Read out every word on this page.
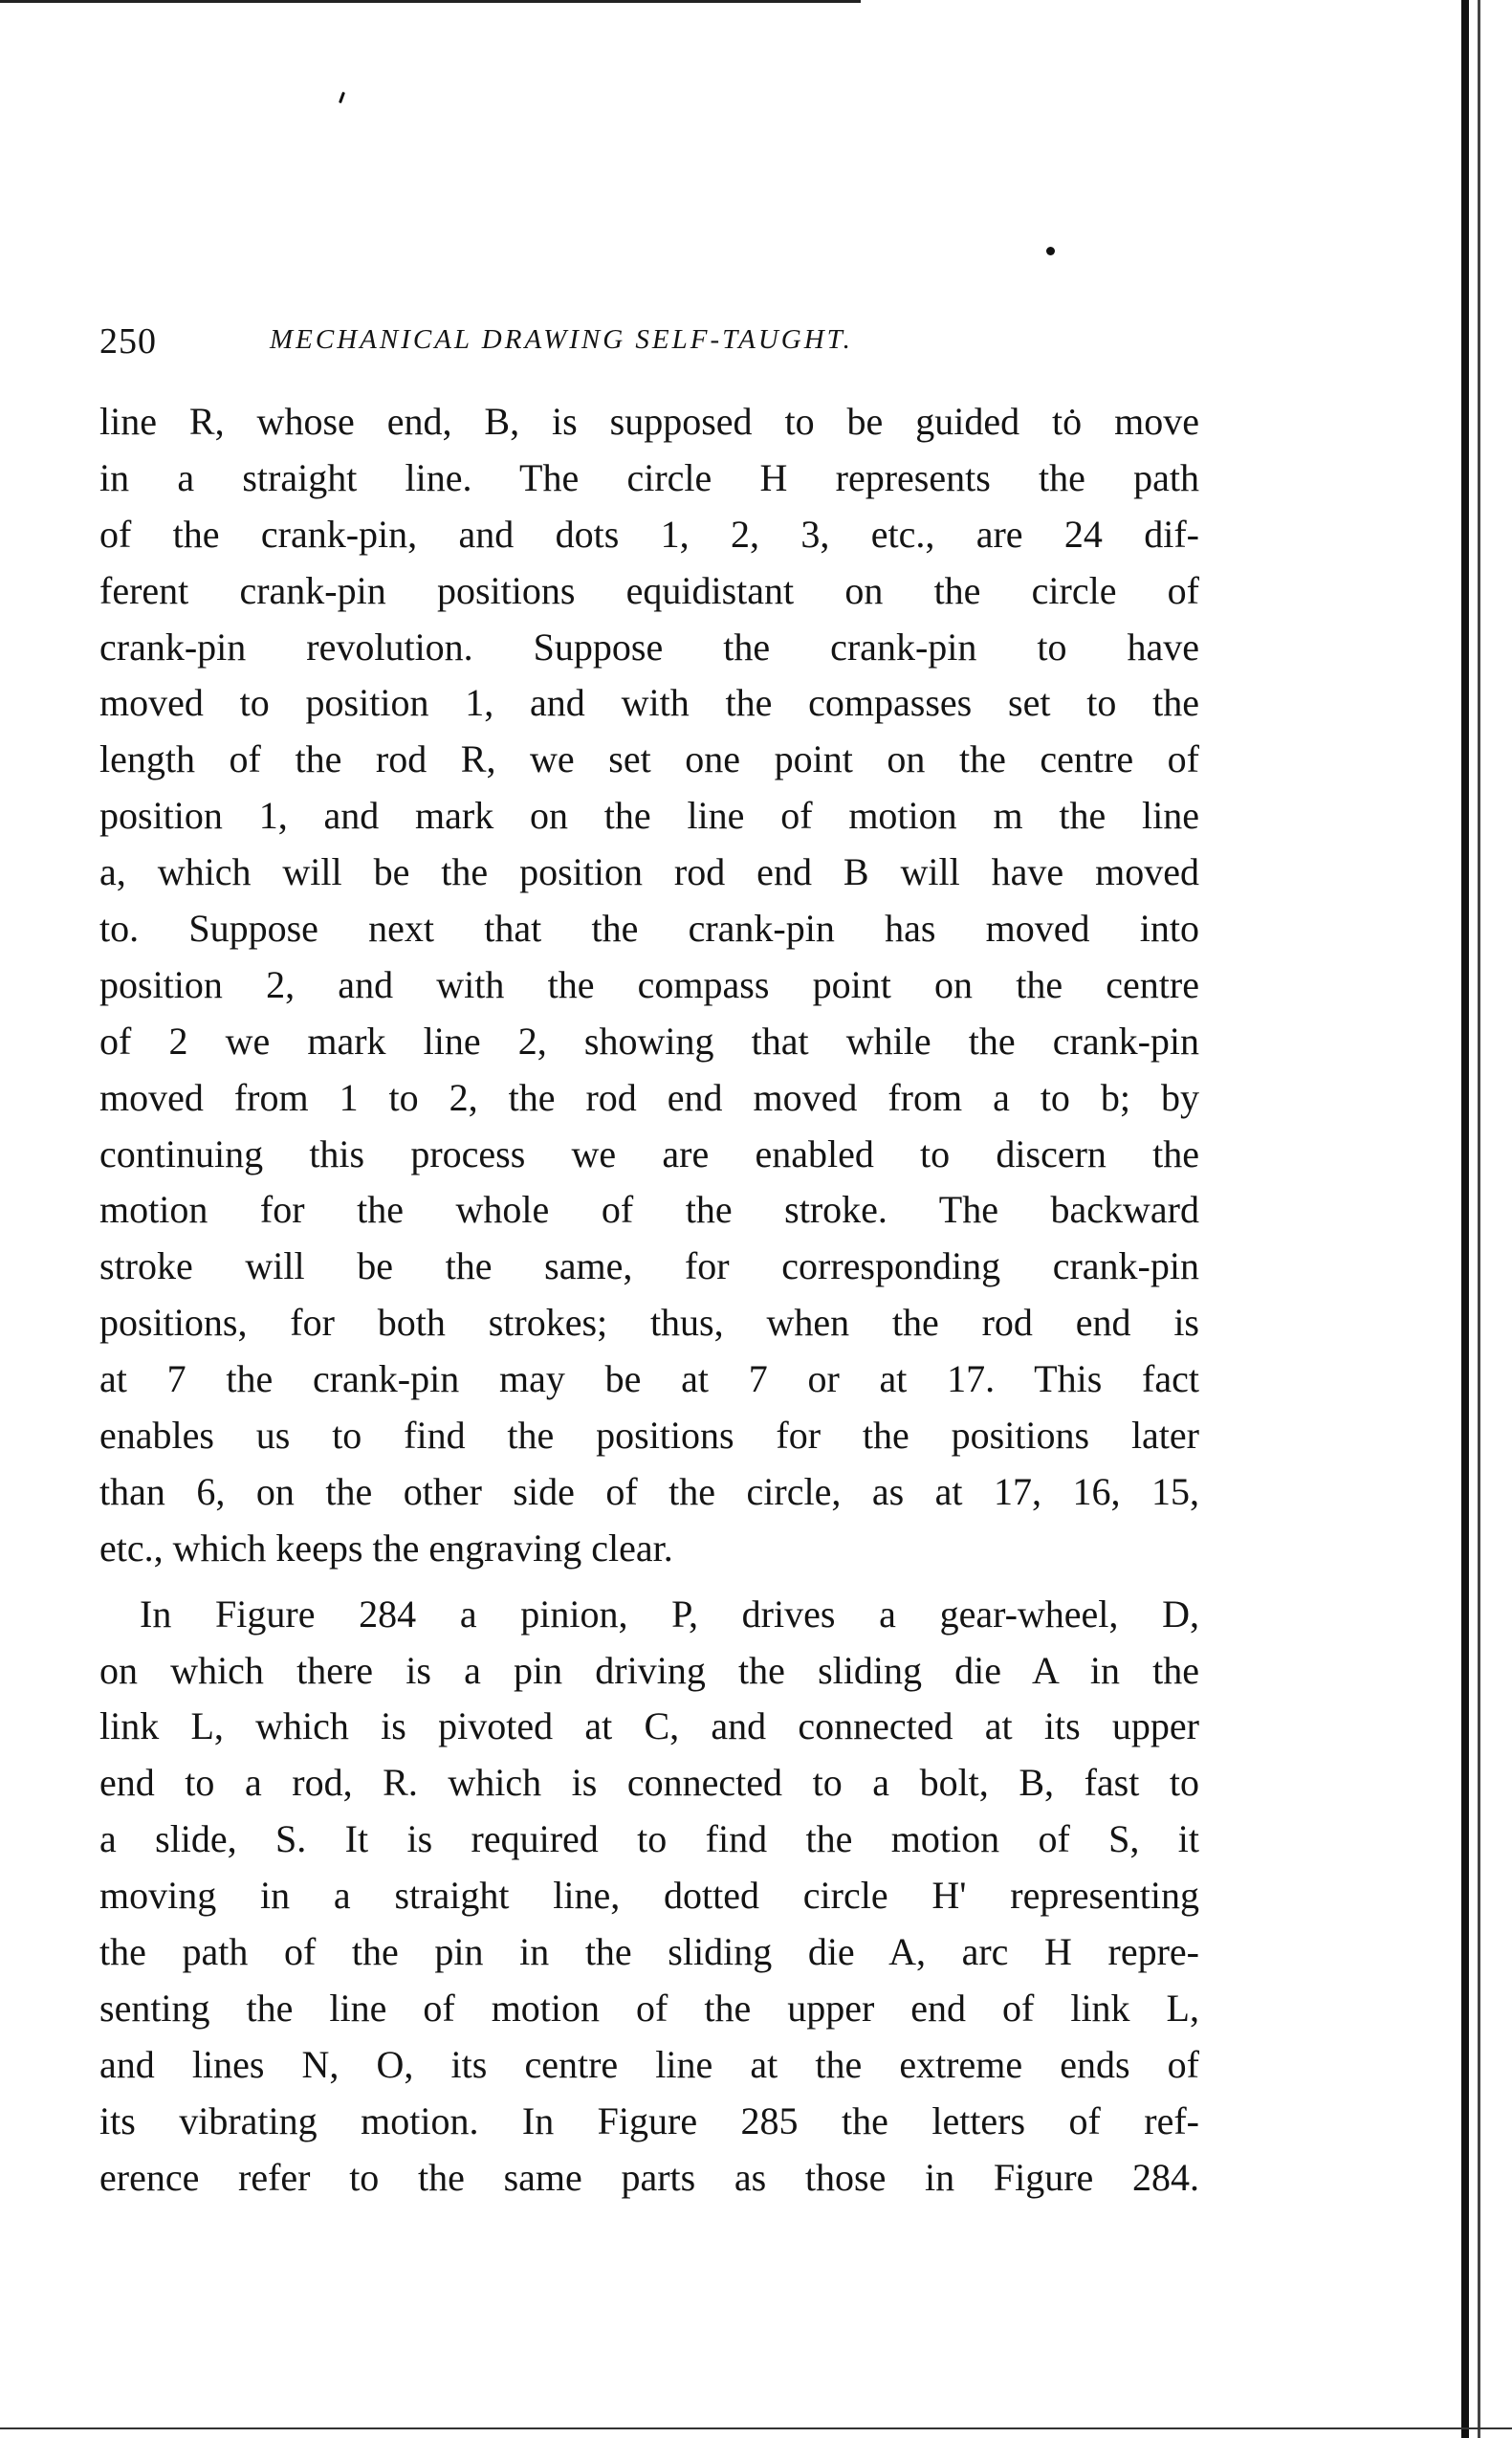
250	MECHANICAL DRAWING SELF-TAUGHT.
line R, whose end, B, is supposed to be guided tȯ move
in a straight line. The circle H represents the path
of the crank-pin, and dots 1, 2, 3, etc., are 24 dif-
ferent crank-pin positions equidistant on the circle of
crank-pin revolution. Suppose the crank-pin to have
moved to position 1, and with the compasses set to the
length of the rod R, we set one point on the centre of
position 1, and mark on the line of motion m the line
a, which will be the position rod end B will have moved
to. Suppose next that the crank-pin has moved into
position 2, and with the compass point on the centre
of 2 we mark line 2, showing that while the crank-pin
moved from 1 to 2, the rod end moved from a to b; by
continuing this process we are enabled to discern the
motion for the whole of the stroke. The backward
stroke will be the same, for corresponding crank-pin
positions, for both strokes; thus, when the rod end is
at 7 the crank-pin may be at 7 or at 17. This fact
enables us to find the positions for the positions later
than 6, on the other side of the circle, as at 17, 16, 15,
etc., which keeps the engraving clear.
In Figure 284 a pinion, P, drives a gear-wheel, D,
on which there is a pin driving the sliding die A in the
link L, which is pivoted at C, and connected at its upper
end to a rod, R. which is connected to a bolt, B, fast to
a slide, S. It is required to find the motion of S, it
moving in a straight line, dotted circle H' representing
the path of the pin in the sliding die A, arc H repre-
senting the line of motion of the upper end of link L,
and lines N, O, its centre line at the extreme ends of
its vibrating motion. In Figure 285 the letters of ref-
erence refer to the same parts as those in Figure 284.
